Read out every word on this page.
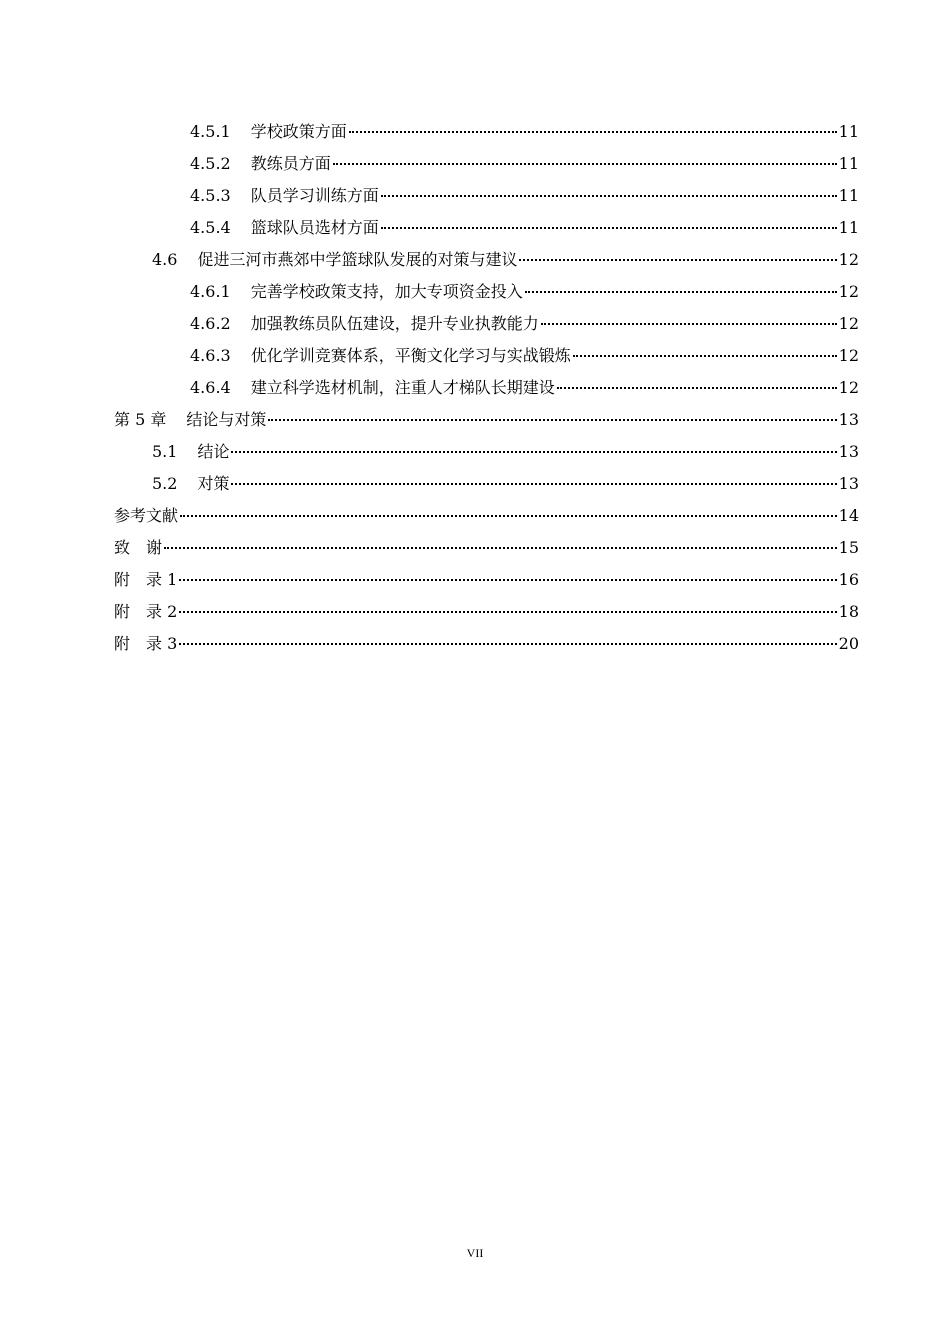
4.5.1 学校政策方面	11
4.5.2 教练员方面	11
4.5.3 队员学习训练方面	11
4.5.4 篮球队员选材方面	11
4.6 促进三河市燕郊中学篮球队发展的对策与建议	12
4.6.1 完善学校政策支持，加大专项资金投入	12
4.6.2 加强教练员队伍建设，提升专业执教能力	12
4.6.3 优化学训竞赛体系，平衡文化学习与实战锻炼	12
4.6.4 建立科学选材机制，注重人才梯队长期建设	12
第 5 章 结论与对策	13
5.1 结论	13
5.2 对策	13
参考文献	14
致　谢	15
附　录 1	16
附　录 2	18
附　录 3	20
VII
